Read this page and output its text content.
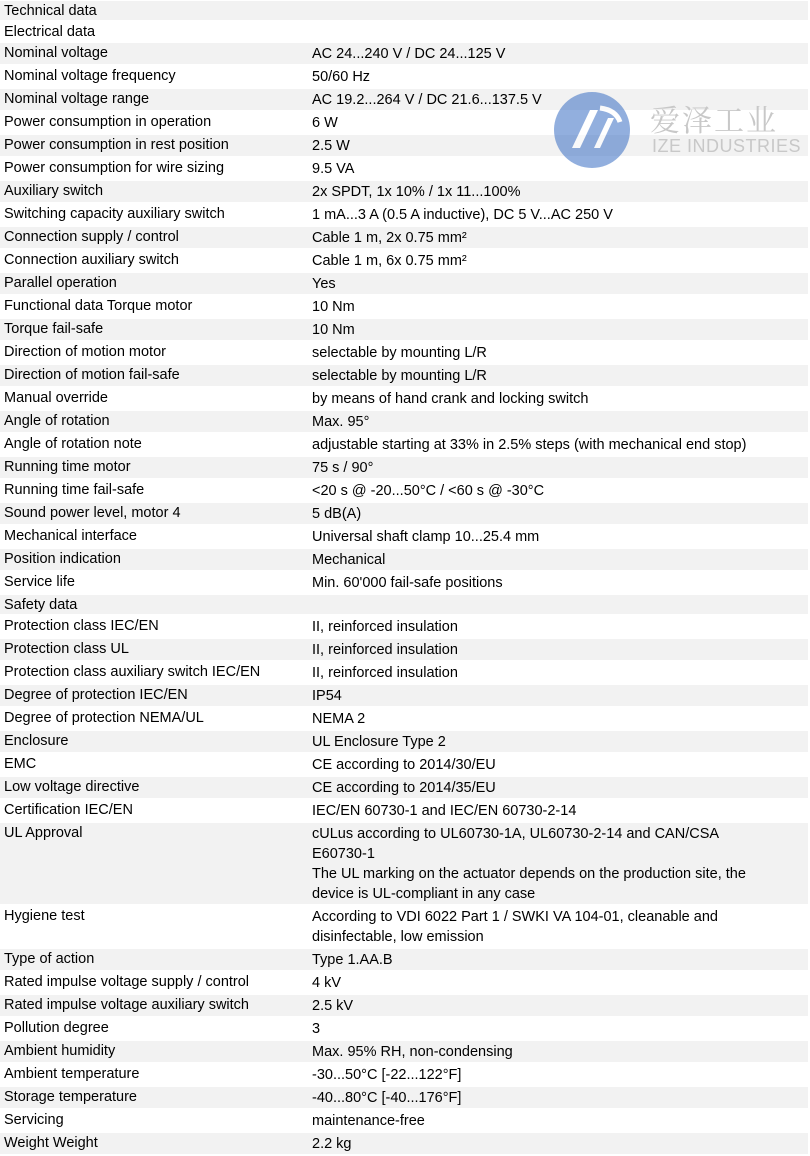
Technical data
Electrical data
Nominal voltage	AC 24...240 V / DC 24...125 V
Nominal voltage frequency	50/60 Hz
Nominal voltage range	AC 19.2...264 V / DC 21.6...137.5 V
Power consumption in operation	6 W
Power consumption in rest position	2.5 W
Power consumption for wire sizing	9.5 VA
Auxiliary switch	2x SPDT, 1x 10% / 1x 11...100%
Switching capacity auxiliary switch	1 mA...3 A (0.5 A inductive), DC 5 V...AC 250 V
Connection supply / control	Cable 1 m, 2x 0.75 mm²
Connection auxiliary switch	Cable 1 m, 6x 0.75 mm²
Parallel operation	Yes
Functional data Torque motor	10 Nm
Torque fail-safe	10 Nm
Direction of motion motor	selectable by mounting L/R
Direction of motion fail-safe	selectable by mounting L/R
Manual override	by means of hand crank and locking switch
Angle of rotation	Max. 95°
Angle of rotation note	adjustable starting at 33% in 2.5% steps (with mechanical end stop)
Running time motor	75 s / 90°
Running time fail-safe	<20 s @ -20...50°C / <60 s @ -30°C
Sound power level, motor 4	5 dB(A)
Mechanical interface	Universal shaft clamp 10...25.4 mm
Position indication	Mechanical
Service life	Min. 60'000 fail-safe positions
Safety data
Protection class IEC/EN	II, reinforced insulation
Protection class UL	II, reinforced insulation
Protection class auxiliary switch IEC/EN	II, reinforced insulation
Degree of protection IEC/EN	IP54
Degree of protection NEMA/UL	NEMA 2
Enclosure	UL Enclosure Type 2
EMC	CE according to 2014/30/EU
Low voltage directive	CE according to 2014/35/EU
Certification IEC/EN	IEC/EN 60730-1 and IEC/EN 60730-2-14
UL Approval	cULus according to UL60730-1A, UL60730-2-14 and CAN/CSA
E60730-1
The UL marking on the actuator depends on the production site, the
device is UL-compliant in any case
Hygiene test	According to VDI 6022 Part 1 / SWKI VA 104-01, cleanable and
disinfectable, low emission
Type of action	Type 1.AA.B
Rated impulse voltage supply / control	4 kV
Rated impulse voltage auxiliary switch	2.5 kV
Pollution degree	3
Ambient humidity	Max. 95% RH, non-condensing
Ambient temperature	-30...50°C [-22...122°F]
Storage temperature	-40...80°C [-40...176°F]
Servicing	maintenance-free
Weight Weight	2.2 kg
爱泽工业
IZE INDUSTRIES
